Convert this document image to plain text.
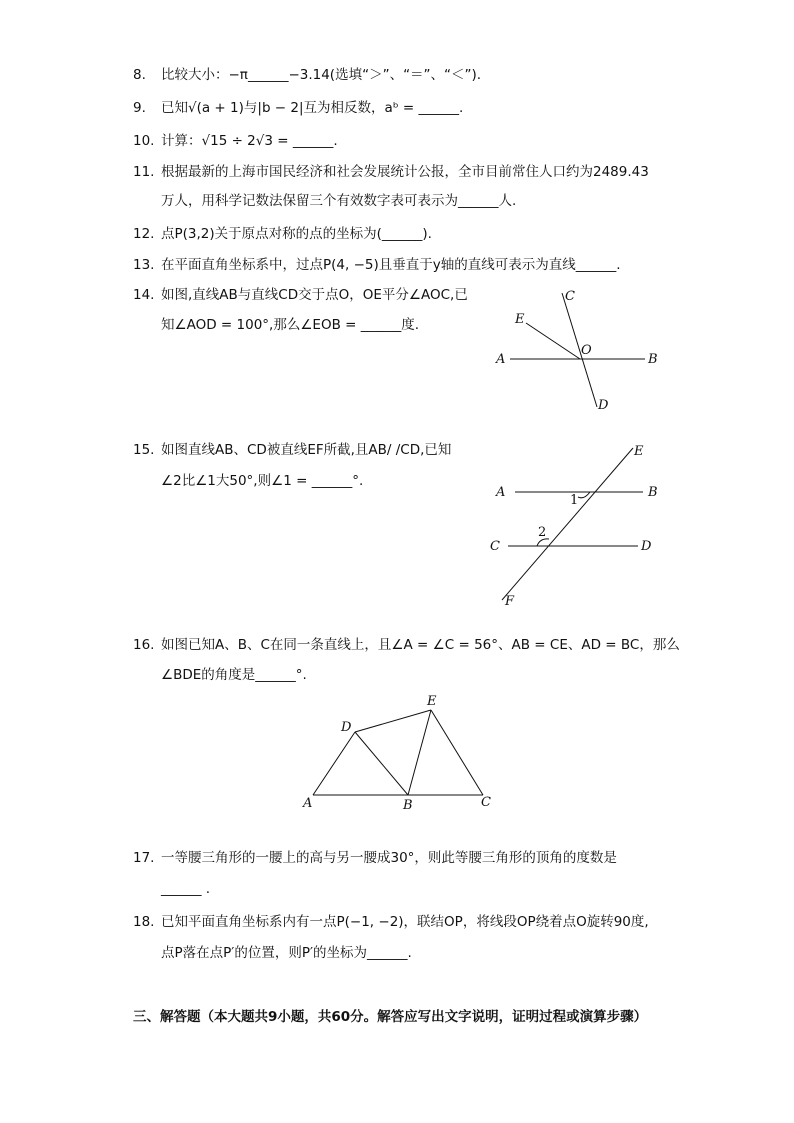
8.	比较大小：−π______−3.14(选填“＞”、“＝”、“＜”).
9.	已知√(a + 1)与|b − 2|互为相反数，aᵇ = ______.
10. 计算：√15 ÷ 2√3 = ______.
11. 根据最新的上海市国民经济和社会发展统计公报，全市目前常住人口约为2489.43
万人，用科学记数法保留三个有效数字表可表示为______人.
12. 点P(3,2)关于原点对称的点的坐标为(______).
13. 在平面直角坐标系中，过点P(4, −5)且垂直于y轴的直线可表示为直线______.
14. 如图,直线AB与直线CD交于点O，OE平分∠AOC,已
知∠AOD = 100°,那么∠EOB = ______度.
15. 如图直线AB、CD被直线EF所截,且AB/ /CD,已知
∠2比∠1大50°,则∠1 = ______°.
16. 如图已知A、B、C在同一条直线上，且∠A = ∠C = 56°、AB = CE、AD = BC，那么
∠BDE的角度是______°.
17. 一等腰三角形的一腰上的高与另一腰成30°，则此等腰三角形的顶角的度数是
______ .
18. 已知平面直角坐标系内有一点P(−1, −2)，联结OP，将线段OP绕着点O旋转90度,
点P落在点P′的位置，则P′的坐标为______.
三、解答题（本大题共9小题，共60分。解答应写出文字说明，证明过程或演算步骤）
C
E
O
A	B
D
E
A	B
1
2
C	D
F
E
D
A	B	C
